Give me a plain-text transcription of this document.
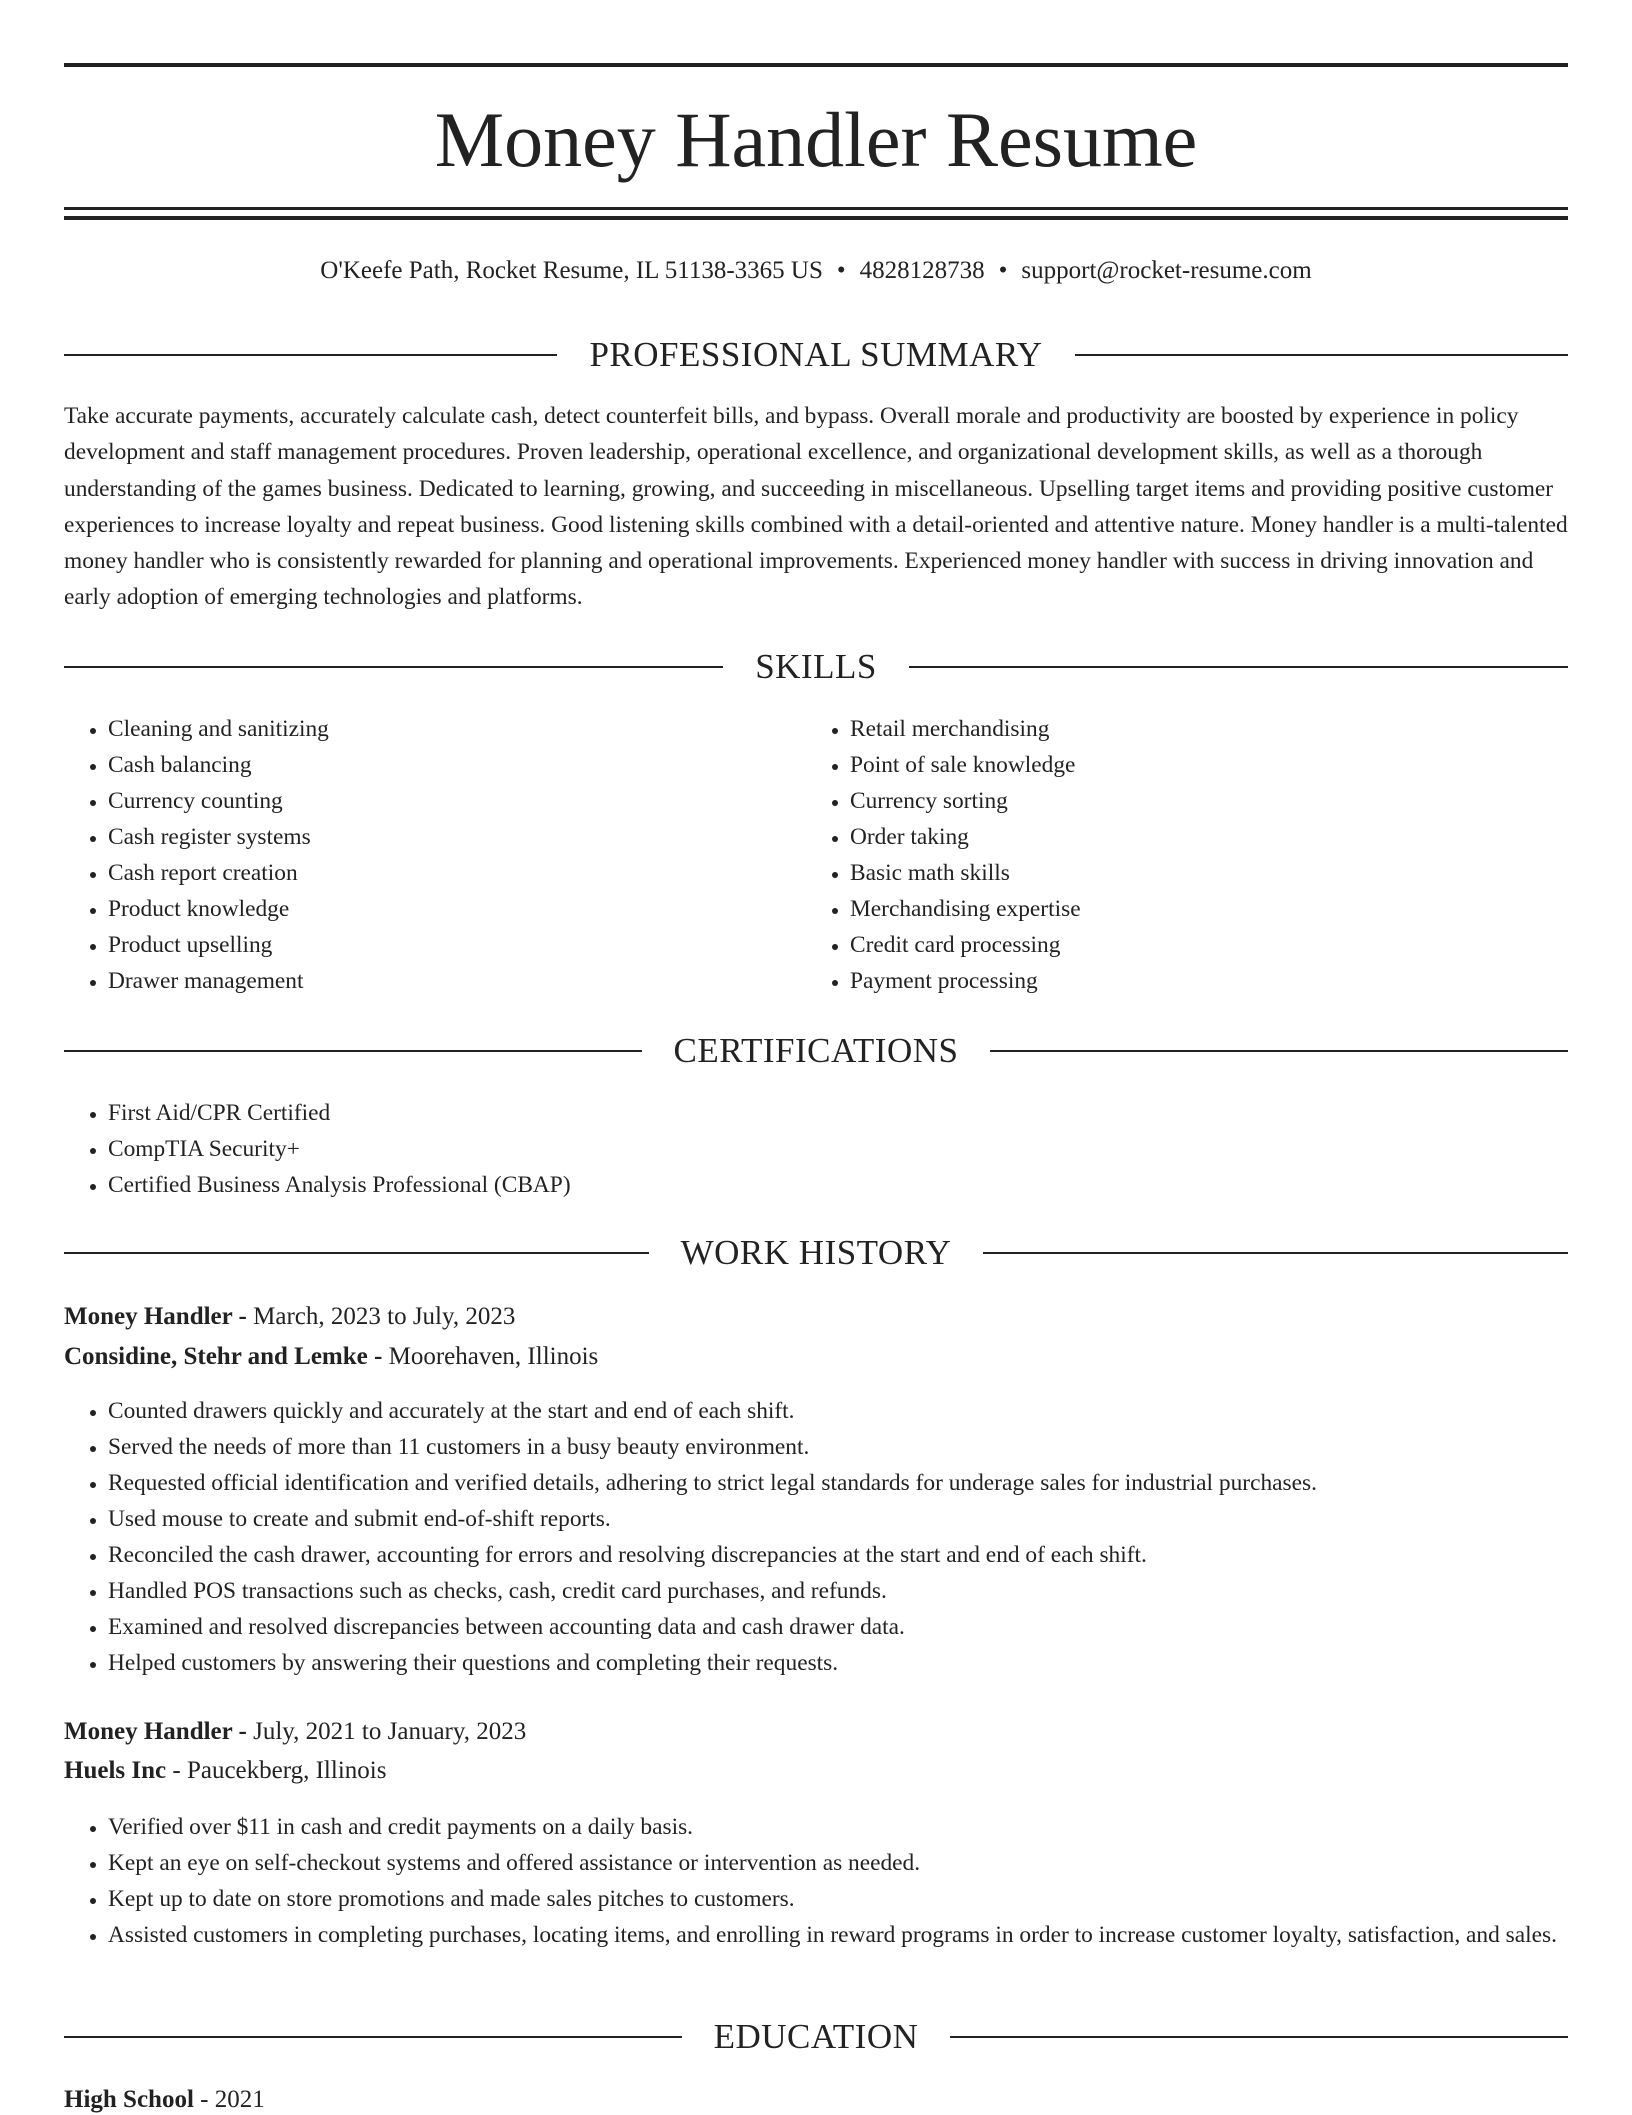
Money Handler Resume
O'Keefe Path, Rocket Resume, IL 51138-3365 US • 4828128738 • support@rocket-resume.com
PROFESSIONAL SUMMARY

Take accurate payments, accurately calculate cash, detect counterfeit bills, and bypass. Overall morale and productivity are boosted by experience in policy development and staff management procedures. Proven leadership, operational excellence, and organizational development skills, as well as a thorough understanding of the games business. Dedicated to learning, growing, and succeeding in miscellaneous. Upselling target items and providing positive customer experiences to increase loyalty and repeat business. Good listening skills combined with a detail-oriented and attentive nature. Money handler is a multi-talented money handler who is consistently rewarded for planning and operational improvements. Experienced money handler with success in driving innovation and early adoption of emerging technologies and platforms.

SKILLS
• Cleaning and sanitizing
• Cash balancing
• Currency counting
• Cash register systems
• Cash report creation
• Product knowledge
• Product upselling
• Drawer management
• Retail merchandising
• Point of sale knowledge
• Currency sorting
• Order taking
• Basic math skills
• Merchandising expertise
• Credit card processing
• Payment processing
CERTIFICATIONS
• First Aid/CPR Certified
• CompTIA Security+
• Certified Business Analysis Professional (CBAP)
WORK HISTORY
Money Handler - March, 2023 to July, 2023
Considine, Stehr and Lemke - Moorehaven, Illinois
• Counted drawers quickly and accurately at the start and end of each shift.
• Served the needs of more than 11 customers in a busy beauty environment.
• Requested official identification and verified details, adhering to strict legal standards for underage sales for industrial purchases.
• Used mouse to create and submit end-of-shift reports.
• Reconciled the cash drawer, accounting for errors and resolving discrepancies at the start and end of each shift.
• Handled POS transactions such as checks, cash, credit card purchases, and refunds.
• Examined and resolved discrepancies between accounting data and cash drawer data.
• Helped customers by answering their questions and completing their requests.
Money Handler - July, 2021 to January, 2023
Huels Inc - Paucekberg, Illinois
• Verified over $11 in cash and credit payments on a daily basis.
• Kept an eye on self-checkout systems and offered assistance or intervention as needed.
• Kept up to date on store promotions and made sales pitches to customers.
• Assisted customers in completing purchases, locating items, and enrolling in reward programs in order to increase customer loyalty, satisfaction, and sales.
EDUCATION
High School - 2021
